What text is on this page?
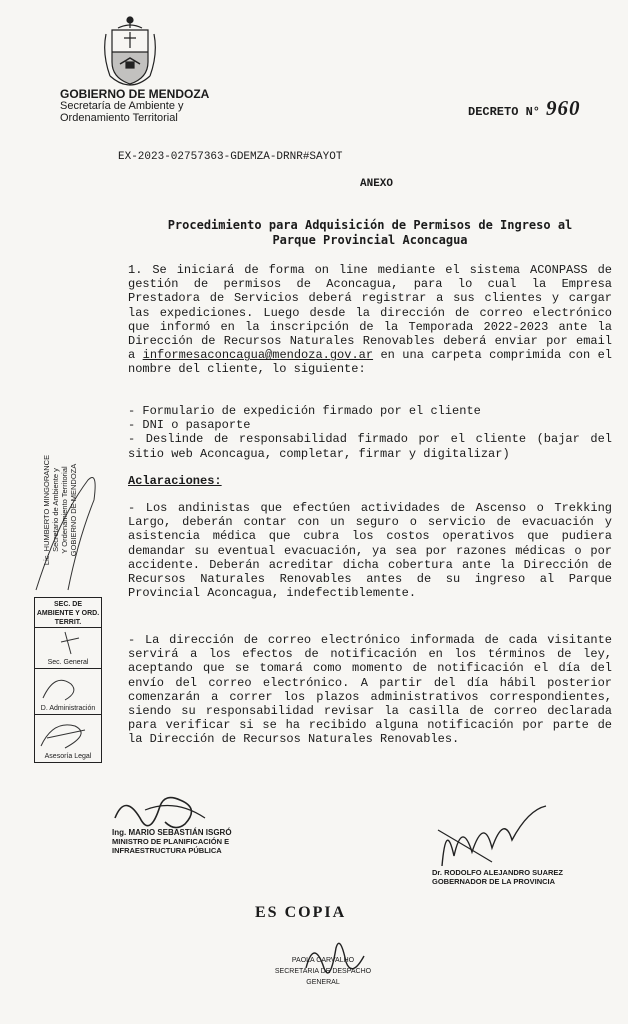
GOBIERNO DE MENDOZA
Secretaría de Ambiente y
Ordenamiento Territorial	DECRETO N° 960
EX-2023-02757363-GDEMZA-DRNR#SAYOT
ANEXO
Procedimiento para Adquisición de Permisos de Ingreso al
Parque Provincial Aconcagua
1. Se iniciará de forma on line mediante el sistema ACONPASS de gestión de permisos de Aconcagua, para lo cual la Empresa Prestadora de Servicios deberá registrar a sus clientes y cargar las expediciones. Luego desde la dirección de correo electrónico que informó en la inscripción de la Temporada 2022-2023 ante la Dirección de Recursos Naturales Renovables deberá enviar por email a informesaconcagua@mendoza.gov.ar en una carpeta comprimida con el nombre del cliente, lo siguiente:
- Formulario de expedición firmado por el cliente
- DNI o pasaporte
- Deslinde de responsabilidad firmado por el cliente (bajar del sitio web Aconcagua, completar, firmar y digitalizar)
Aclaraciones:
- Los andinistas que efectúen actividades de Ascenso o Trekking Largo, deberán contar con un seguro o servicio de evacuación y asistencia médica que cubra los costos operativos que pudiera demandar su eventual evacuación, ya sea por razones médicas o por accidente. Deberán acreditar dicha cobertura ante la Dirección de Recursos Naturales Renovables antes de su ingreso al Parque Provincial Aconcagua, indefectiblemente.
- La dirección de correo electrónico informada de cada visitante servirá a los efectos de notificación en los términos de ley, aceptando que se tomará como momento de notificación el día del envío del correo electrónico. A partir del día hábil posterior comenzarán a correr los plazos administrativos correspondientes, siendo su responsabilidad revisar la casilla de correo declarada para verificar si se ha recibido alguna notificación por parte de la Dirección de Recursos Naturales Renovables.
Lic. HUMBERTO MINGORANCE Secretario de Ambiente y Y Ordenamiento Territorial GOBIERNO DE MENDOZA
SEC. DE AMBIENTE Y ORD. TERRIT.
Sec. General
D. Administración
Asesoría Legal
Ing. MARIO SEBASTIÁN ISGRÓ
MINISTRO DE PLANIFICACIÓN E
INFRAESTRUCTURA PÚBLICA
Dr. RODOLFO ALEJANDRO SUAREZ
GOBERNADOR DE LA PROVINCIA
ES COPIA
PAOLA CARVALHO
SECRETARIA DE DESPACHO GENERAL
